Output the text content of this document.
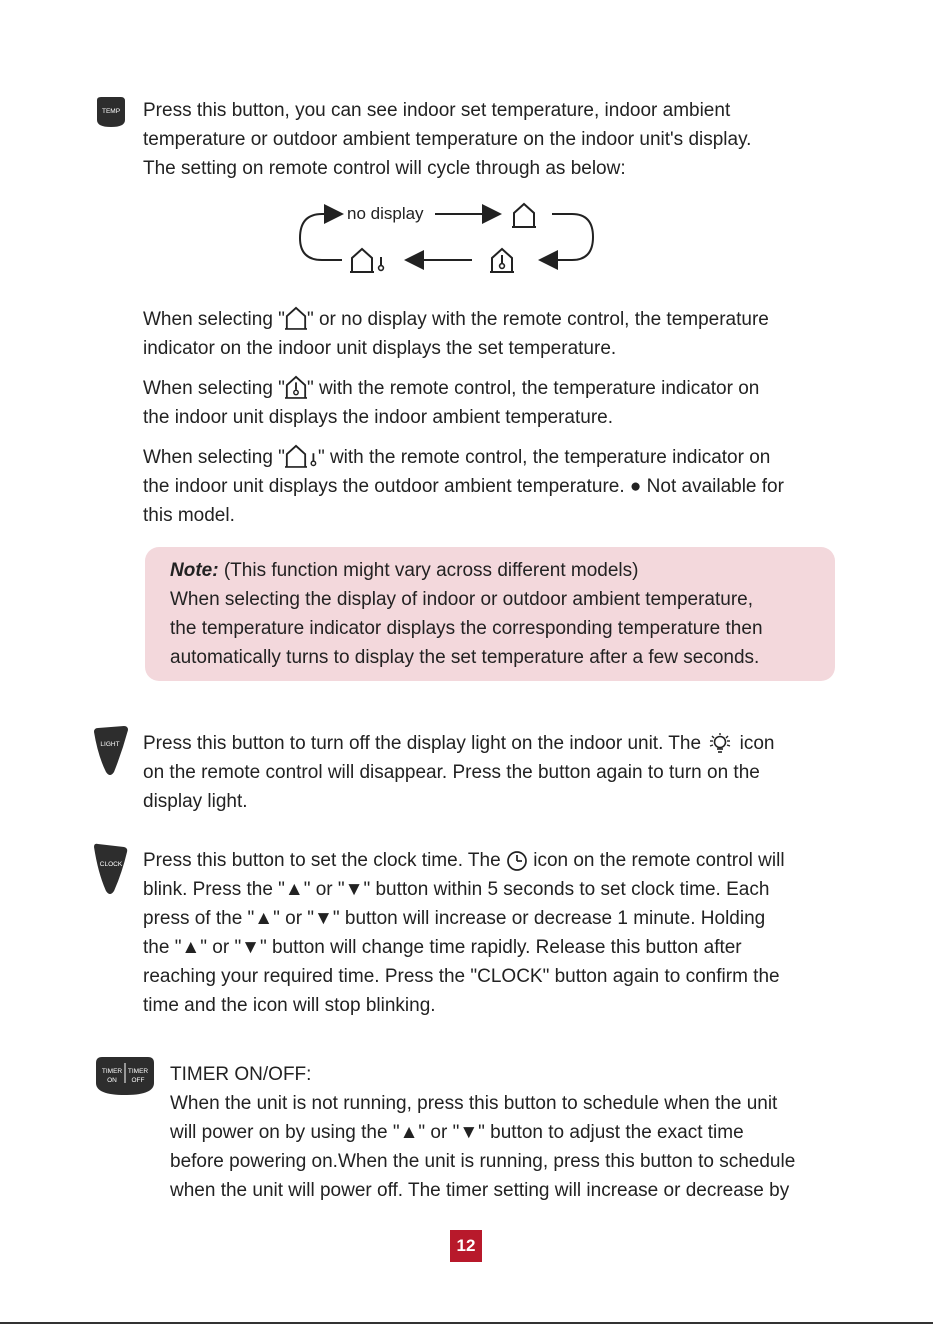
TEMP Press this button, you can see indoor set temperature, indoor ambient
temperature or outdoor ambient temperature on the indoor unit's display.
The setting on remote control will cycle through as below:
no display
When selecting " " or no display with the remote control, the temperature
indicator on the indoor unit displays the set temperature.
When selecting " " with the remote control, the temperature indicator on
the indoor unit displays the indoor ambient temperature.
When selecting " " with the remote control, the temperature indicator on
the indoor unit displays the outdoor ambient temperature. ● Not available for
this model.
Note: (This function might vary across different models)
When selecting the display of indoor or outdoor ambient temperature,
the temperature indicator displays the corresponding temperature then
automatically turns to display the set temperature after a few seconds.
LIGHT Press this button to turn off the display light on the indoor unit. The icon
on the remote control will disappear. Press the button again to turn on the
display light.
CLOCK Press this button to set the clock time. The icon on the remote control will
blink. Press the "▲" or "▼" button within 5 seconds to set clock time. Each
press of the "▲" or "▼" button will increase or decrease 1 minute. Holding
the "▲" or "▼" button will change time rapidly. Release this button after
reaching your required time. Press the "CLOCK" button again to confirm the
time and the icon will stop blinking.
TIMER
ON
TIMER
OFF TIMER ON/OFF:
When the unit is not running, press this button to schedule when the unit
will power on by using the "▲" or "▼" button to adjust the exact time
before powering on.When the unit is running, press this button to schedule
when the unit will power off. The timer setting will increase or decrease by
12
